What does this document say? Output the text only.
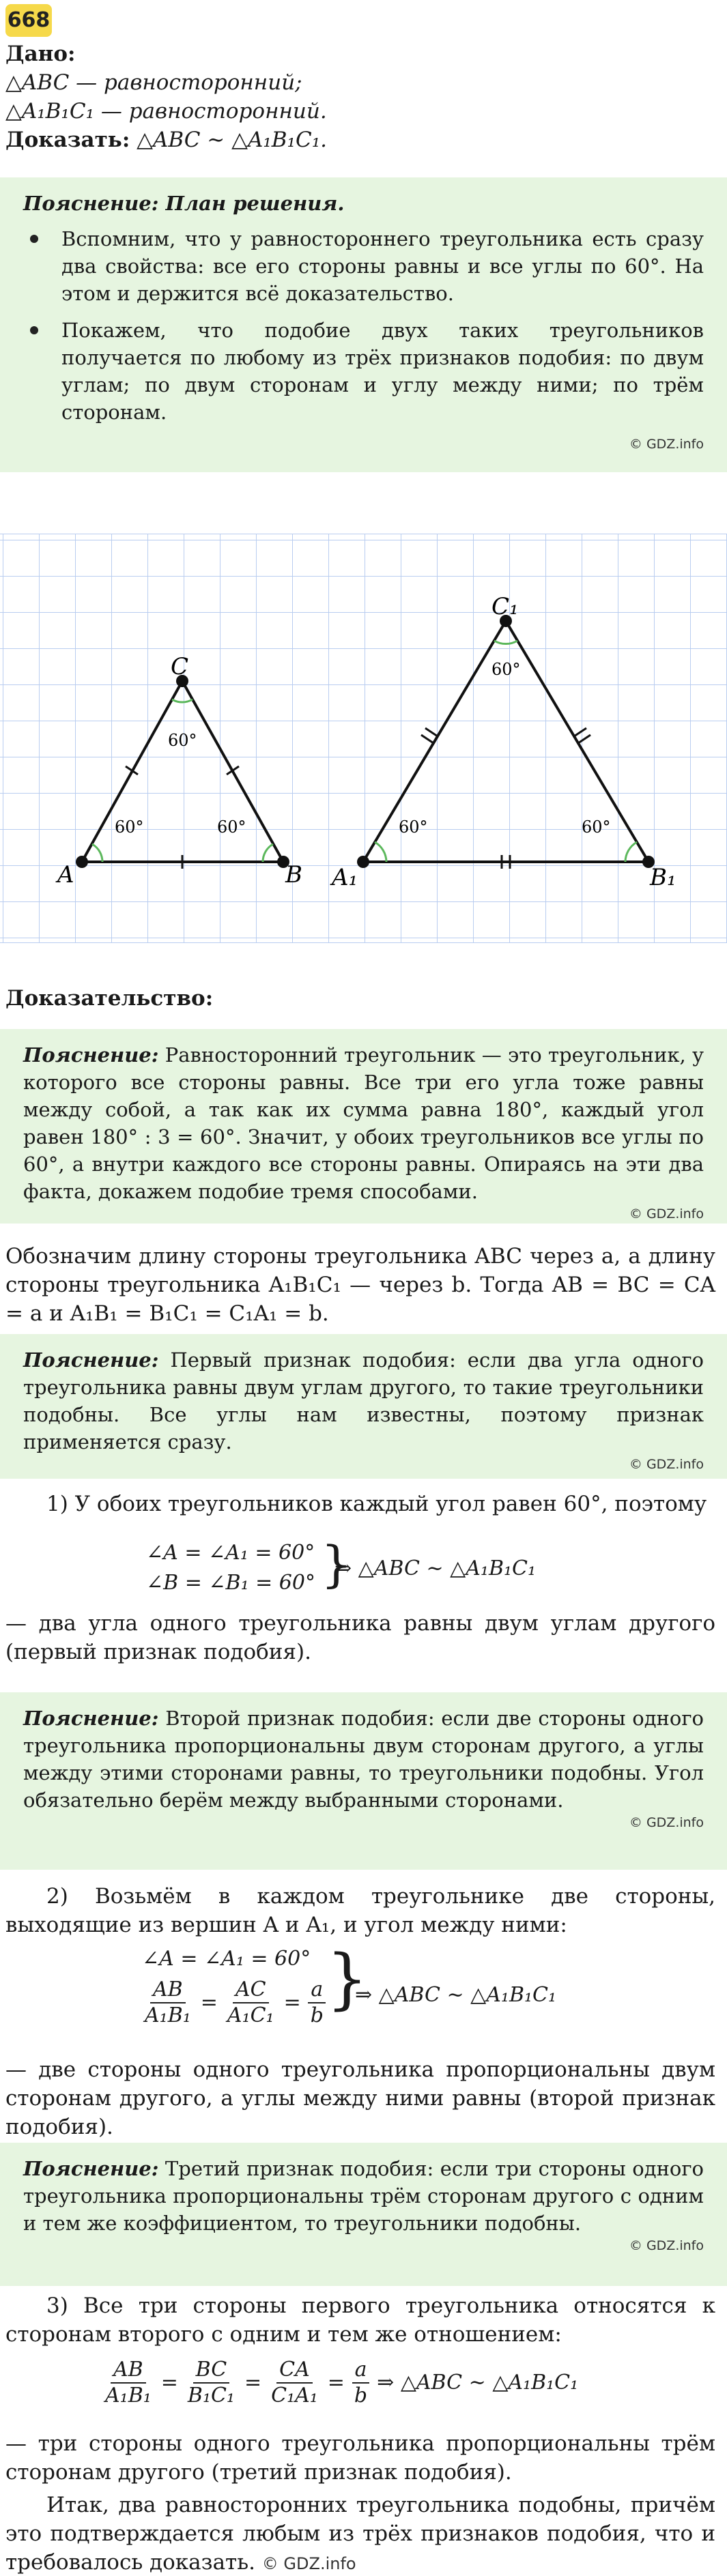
668
Дано:
△ABC — равносторонний;
△A₁B₁C₁ — равносторонний.
Доказать: △ABC ∼ △A₁B₁C₁.
Пояснение: План решения.
Вспомним, что у равностороннего треугольника есть сразу два свойства: все его стороны равны и все углы по 60°. На этом и держится всё доказательство.
Покажем, что подобие двух таких треугольников получается по любому из трёх признаков подобия: по двум углам; по двум сторонам и углу между ними; по трём сторонам.
© GDZ.info
A	B
C
60°	60°
60°
A₁	B₁
C₁
60°	60°
60°
Доказательство:
Пояснение: Равносторонний треугольник — это треугольник, у которого все стороны равны. Все три его угла тоже равны между собой, а так как их сумма равна 180°, каждый угол равен 180° : 3 = 60°. Значит, у обоих треугольников все углы по 60°, а внутри каждого все стороны равны. Опираясь на эти два факта, докажем подобие тремя способами.
© GDZ.info
Обозначим длину стороны треугольника ABC через a, а длину стороны треугольника A₁B₁C₁ — через b. Тогда AB = BC = CA = a и A₁B₁ = B₁C₁ = C₁A₁ = b.
Пояснение: Первый признак подобия: если два угла одного треугольника равны двум углам другого, то такие треугольники подобны. Все углы нам известны, поэтому признак применяется сразу.
© GDZ.info
1) У обоих треугольников каждый угол равен 60°, поэтому
∠A = ∠A₁ = 60°
∠B = ∠B₁ = 60° }
⇒ △ABC ∼ △A₁B₁C₁
— два угла одного треугольника равны двум углам другого (первый признак подобия).
Пояснение: Второй признак подобия: если две стороны одного треугольника пропорциональны двум сторонам другого, а углы между этими сторонами равны, то треугольники подобны. Угол обязательно берём между выбранными сторонами.
© GDZ.info
2) Возьмём в каждом треугольнике две стороны, выходящие из вершин A и A₁, и угол между ними:
∠A = ∠A₁ = 60°
$\frac{AB}{\text{A₁B₁}} = \frac{AC}{\text{A₁C₁}} = \frac{a}{b}$ }
⇒ △ABC ∼ △A₁B₁C₁
— две стороны одного треугольника пропорциональны двум сторонам другого, а углы между ними равны (второй признак подобия).
Пояснение: Третий признак подобия: если три стороны одного треугольника пропорциональны трём сторонам другого с одним и тем же коэффициентом, то треугольники подобны.
© GDZ.info
3) Все три стороны первого треугольника относятся к сторонам второго с одним и тем же отношением:
$\frac{AB}{\text{A₁B₁}} = \frac{BC}{\text{B₁C₁}} = \frac{CA}{\text{C₁A₁}} = \frac{a}{b}$ ⇒ △ABC ∼ △A₁B₁C₁
— три стороны одного треугольника пропорциональны трём сторонам другого (третий признак подобия).
Итак, два равносторонних треугольника подобны, причём это подтверждается любым из трёх признаков подобия, что и требовалось доказать. © GDZ.info
